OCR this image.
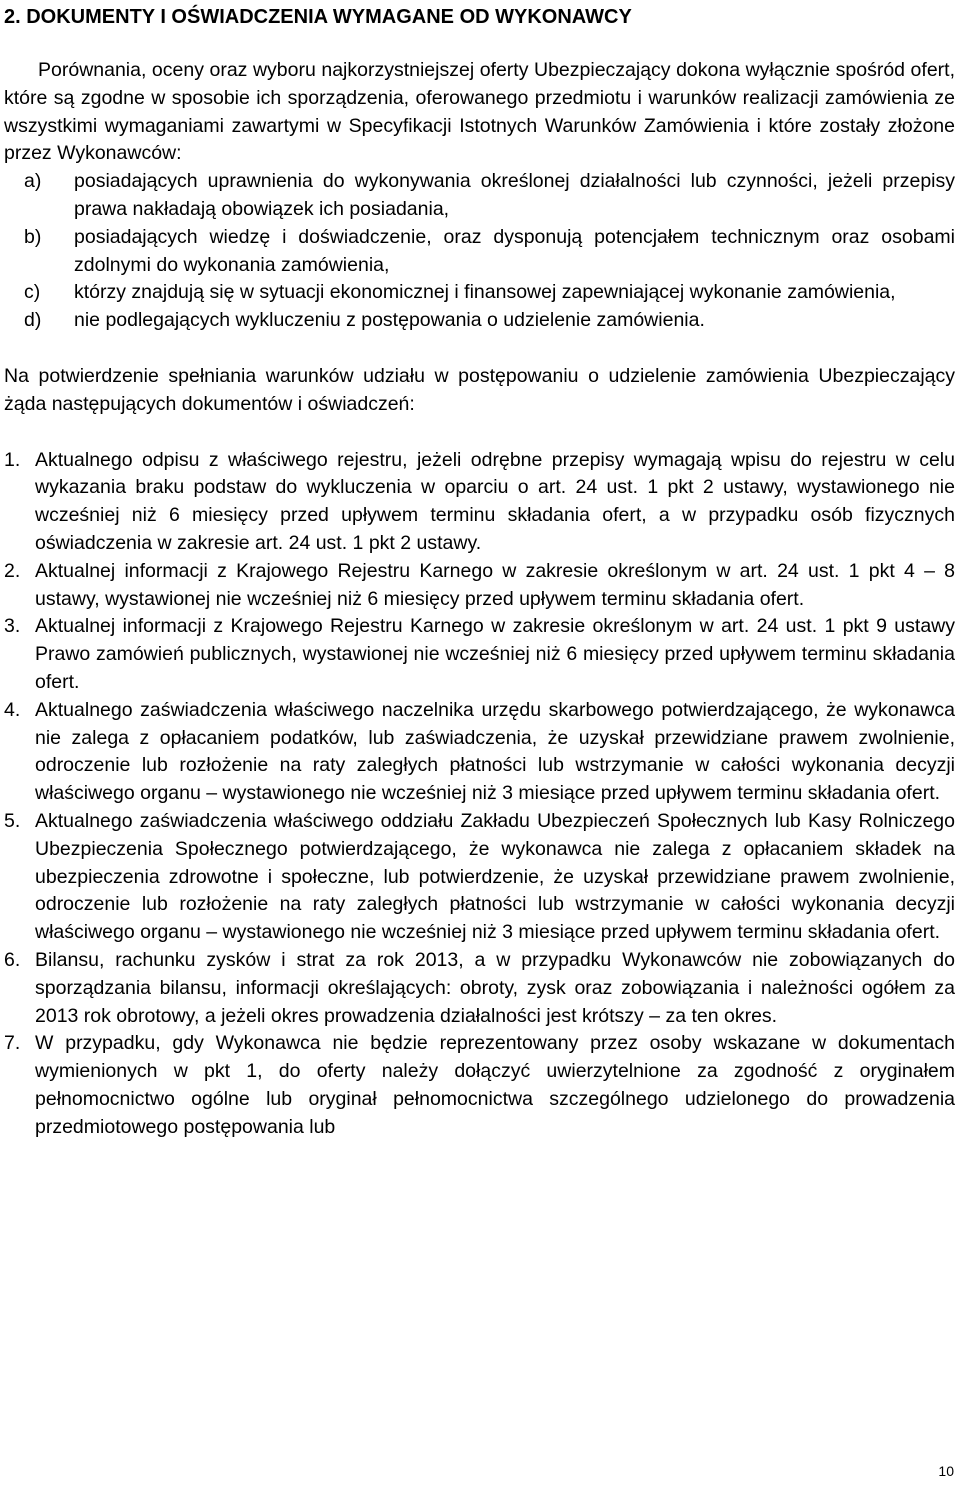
2. DOKUMENTY I OŚWIADCZENIA WYMAGANE OD WYKONAWCY

Porównania, oceny oraz wyboru najkorzystniejszej oferty Ubezpieczający dokona wyłącznie spośród ofert, które są zgodne w sposobie ich sporządzenia, oferowanego przedmiotu i warunków realizacji zamówienia ze wszystkimi wymaganiami zawartymi w Specyfikacji Istotnych Warunków Zamówienia i które zostały złożone przez Wykonawców:

a)	posiadających uprawnienia do wykonywania określonej działalności lub czynności, jeżeli przepisy prawa nakładają obowiązek ich posiadania,
b)	posiadających wiedzę i doświadczenie, oraz dysponują potencjałem technicznym oraz osobami zdolnymi do wykonania zamówienia,
c)	którzy znajdują się w sytuacji ekonomicznej i finansowej zapewniającej wykonanie zamówienia,
d)	nie podlegających wykluczeniu z postępowania o udzielenie zamówienia.

Na potwierdzenie spełniania warunków udziału w postępowaniu o udzielenie zamówienia Ubezpieczający żąda następujących dokumentów i oświadczeń:

1. Aktualnego odpisu z właściwego rejestru, jeżeli odrębne przepisy wymagają wpisu do rejestru w celu wykazania braku podstaw do wykluczenia w oparciu o art. 24 ust. 1 pkt 2 ustawy, wystawionego nie wcześniej niż 6 miesięcy przed upływem terminu składania ofert, a w przypadku osób fizycznych oświadczenia w zakresie art. 24 ust. 1 pkt 2 ustawy.
2. Aktualnej informacji z Krajowego Rejestru Karnego w zakresie określonym w art. 24 ust. 1 pkt 4 – 8 ustawy, wystawionej nie wcześniej niż 6 miesięcy przed upływem terminu składania ofert.
3. Aktualnej informacji z Krajowego Rejestru Karnego w zakresie określonym w art. 24 ust. 1 pkt 9 ustawy Prawo zamówień publicznych, wystawionej nie wcześniej niż 6 miesięcy przed upływem terminu składania ofert.
4. Aktualnego zaświadczenia właściwego naczelnika urzędu skarbowego potwierdzającego, że wykonawca nie zalega z opłacaniem podatków, lub zaświadczenia, że uzyskał przewidziane prawem zwolnienie, odroczenie lub rozłożenie na raty zaległych płatności lub wstrzymanie w całości wykonania decyzji właściwego organu – wystawionego nie wcześniej niż 3 miesiące przed upływem terminu składania ofert.
5. Aktualnego zaświadczenia właściwego oddziału Zakładu Ubezpieczeń Społecznych lub Kasy Rolniczego Ubezpieczenia Społecznego potwierdzającego, że wykonawca nie zalega z opłacaniem składek na ubezpieczenia zdrowotne i społeczne, lub potwierdzenie, że uzyskał przewidziane prawem zwolnienie, odroczenie lub rozłożenie na raty zaległych płatności lub wstrzymanie w całości wykonania decyzji właściwego organu – wystawionego nie wcześniej niż 3 miesiące przed upływem terminu składania ofert.
6. Bilansu, rachunku zysków i strat za rok 2013, a w przypadku Wykonawców nie zobowiązanych do sporządzania bilansu, informacji określających: obroty, zysk oraz zobowiązania i należności ogółem za 2013 rok obrotowy, a jeżeli okres prowadzenia działalności jest krótszy – za ten okres.
7. W przypadku, gdy Wykonawca nie będzie reprezentowany przez osoby wskazane w dokumentach wymienionych w pkt 1, do oferty należy dołączyć uwierzytelnione za zgodność z oryginałem pełnomocnictwo ogólne lub oryginał pełnomocnictwa szczególnego udzielonego do prowadzenia przedmiotowego postępowania lub
10
